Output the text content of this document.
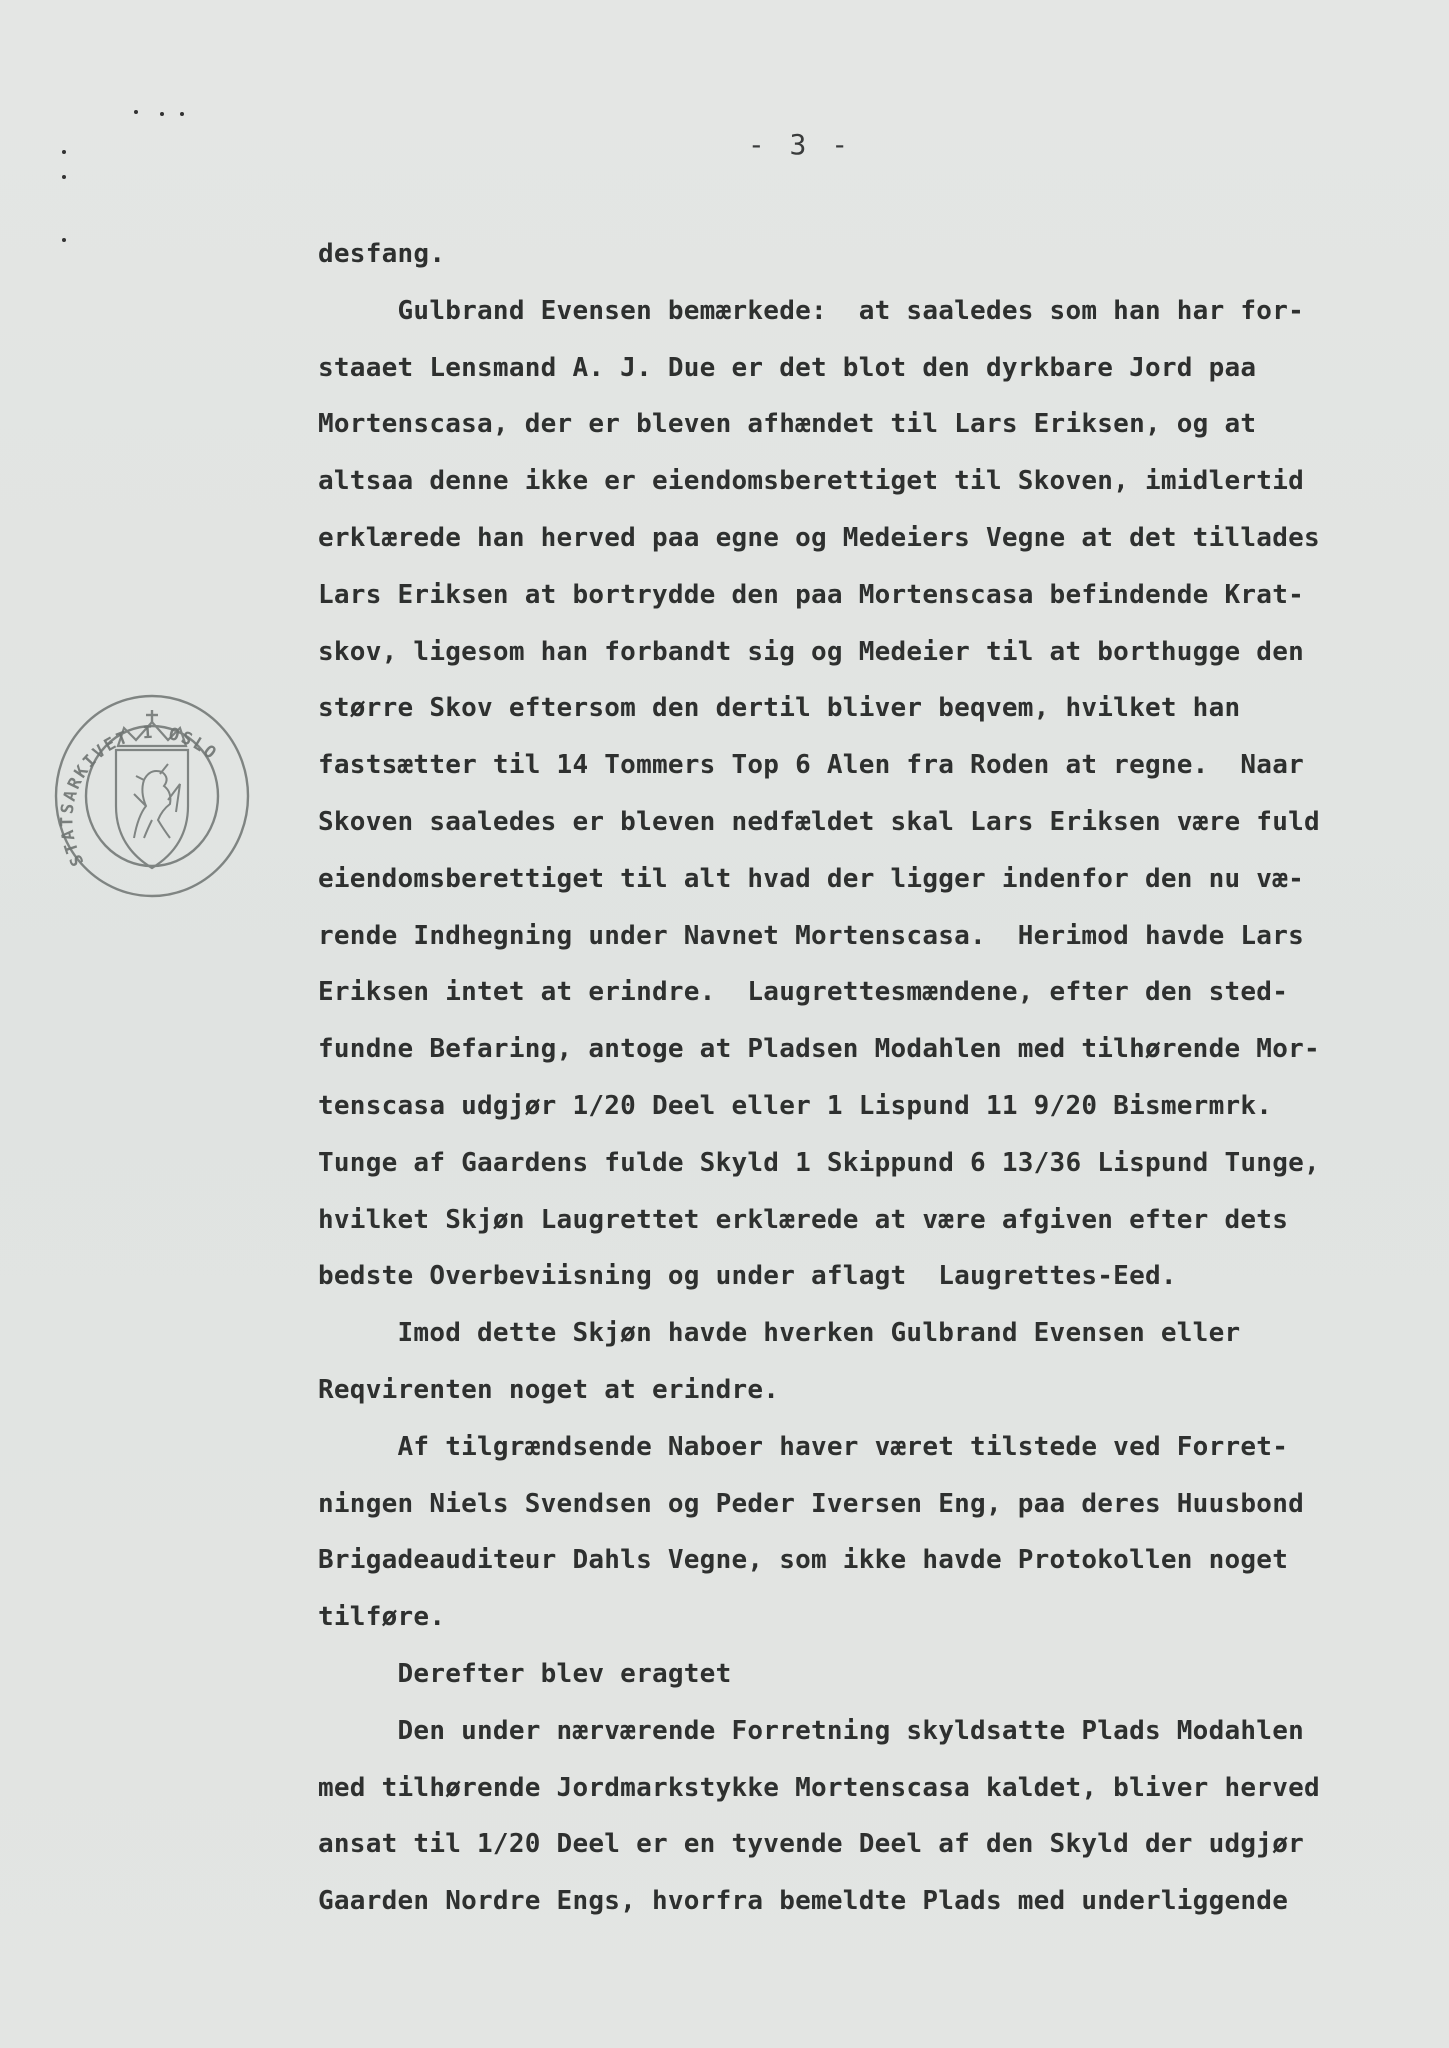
- 3 -
STATSARKIVET I OSLO
desfang.
Gulbrand Evensen bemærkede:  at saaledes som han har for-
staaet Lensmand A. J. Due er det blot den dyrkbare Jord paa
Mortenscasa, der er bleven afhændet til Lars Eriksen, og at
altsaa denne ikke er eiendomsberettiget til Skoven, imidlertid
erklærede han herved paa egne og Medeiers Vegne at det tillades
Lars Eriksen at bortrydde den paa Mortenscasa befindende Krat-
skov, ligesom han forbandt sig og Medeier til at borthugge den
større Skov eftersom den dertil bliver beqvem, hvilket han
fastsætter til 14 Tommers Top 6 Alen fra Roden at regne.  Naar
Skoven saaledes er bleven nedfældet skal Lars Eriksen være fuld
eiendomsberettiget til alt hvad der ligger indenfor den nu væ-
rende Indhegning under Navnet Mortenscasa.  Herimod havde Lars
Eriksen intet at erindre.  Laugrettesmændene, efter den sted-
fundne Befaring, antoge at Pladsen Modahlen med tilhørende Mor-
tenscasa udgjør 1/20 Deel eller 1 Lispund 11 9/20 Bismermrk.
Tunge af Gaardens fulde Skyld 1 Skippund 6 13/36 Lispund Tunge,
hvilket Skjøn Laugrettet erklærede at være afgiven efter dets
bedste Overbeviisning og under aflagt  Laugrettes-Eed.
Imod dette Skjøn havde hverken Gulbrand Evensen eller
Reqvirenten noget at erindre.
Af tilgrændsende Naboer haver været tilstede ved Forret-
ningen Niels Svendsen og Peder Iversen Eng, paa deres Huusbond
Brigadeauditeur Dahls Vegne, som ikke havde Protokollen noget
tilføre.
Derefter blev eragtet
Den under nærværende Forretning skyldsatte Plads Modahlen
med tilhørende Jordmarkstykke Mortenscasa kaldet, bliver herved
ansat til 1/20 Deel er en tyvende Deel af den Skyld der udgjør
Gaarden Nordre Engs, hvorfra bemeldte Plads med underliggende
